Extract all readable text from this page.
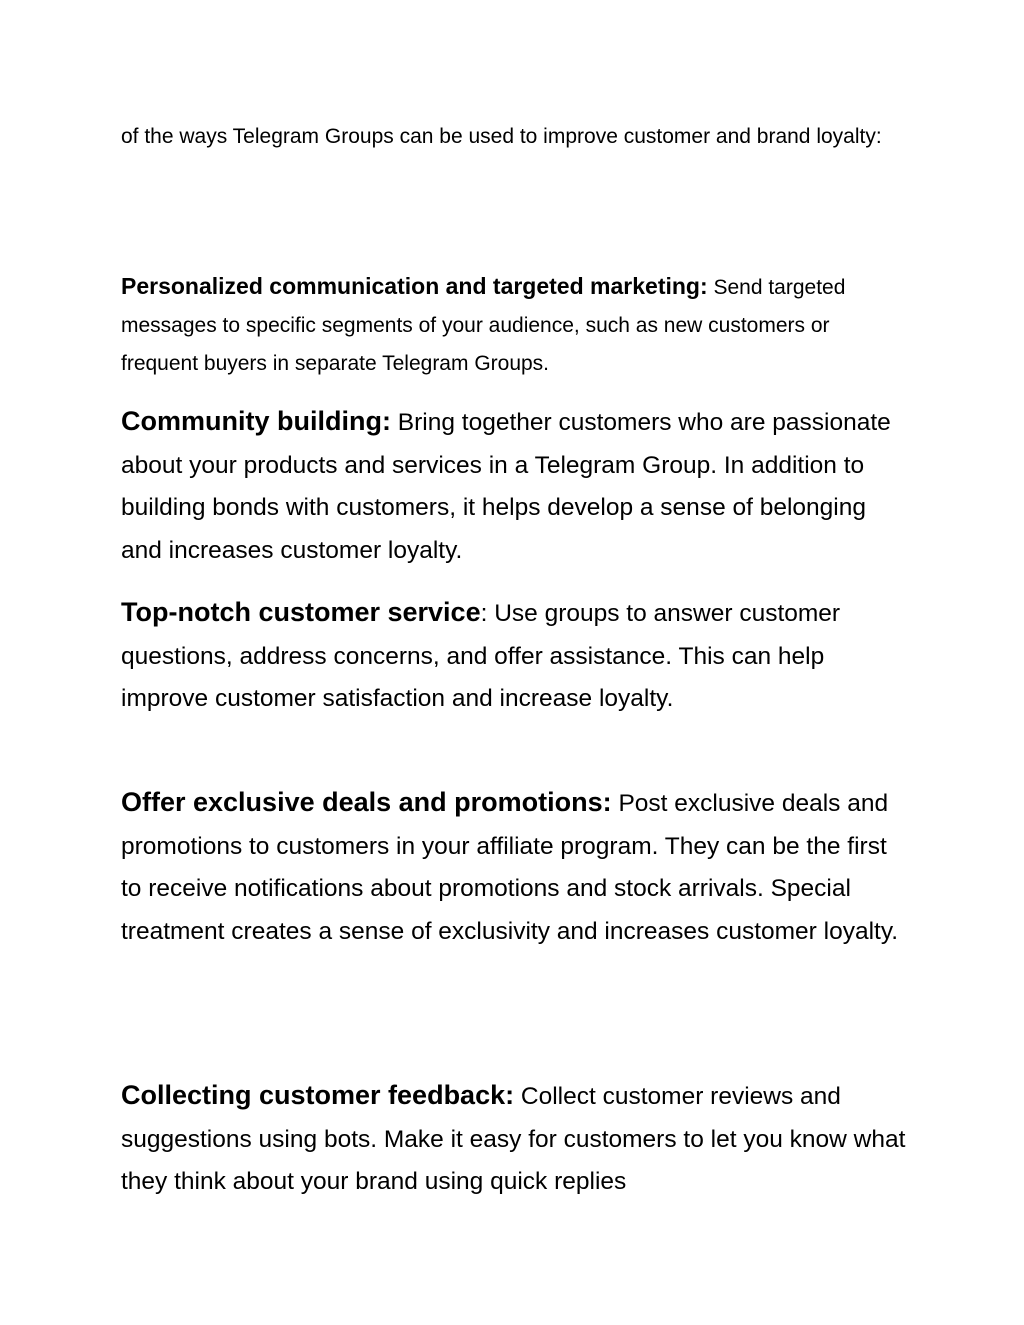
of the ways Telegram Groups can be used to improve customer and brand loyalty:

Personalized communication and targeted marketing: Send targeted messages to specific segments of your audience, such as new customers or frequent buyers in separate Telegram Groups.

Community building: Bring together customers who are passionate about your products and services in a Telegram Group. In addition to building bonds with customers, it helps develop a sense of belonging and increases customer loyalty.

Top-notch customer service: Use groups to answer customer questions, address concerns, and offer assistance. This can help improve customer satisfaction and increase loyalty.

Offer exclusive deals and promotions: Post exclusive deals and promotions to customers in your affiliate program. They can be the first to receive notifications about promotions and stock arrivals. Special treatment creates a sense of exclusivity and increases customer loyalty.

Collecting customer feedback: Collect customer reviews and suggestions using bots. Make it easy for customers to let you know what they think about your brand using quick replies
